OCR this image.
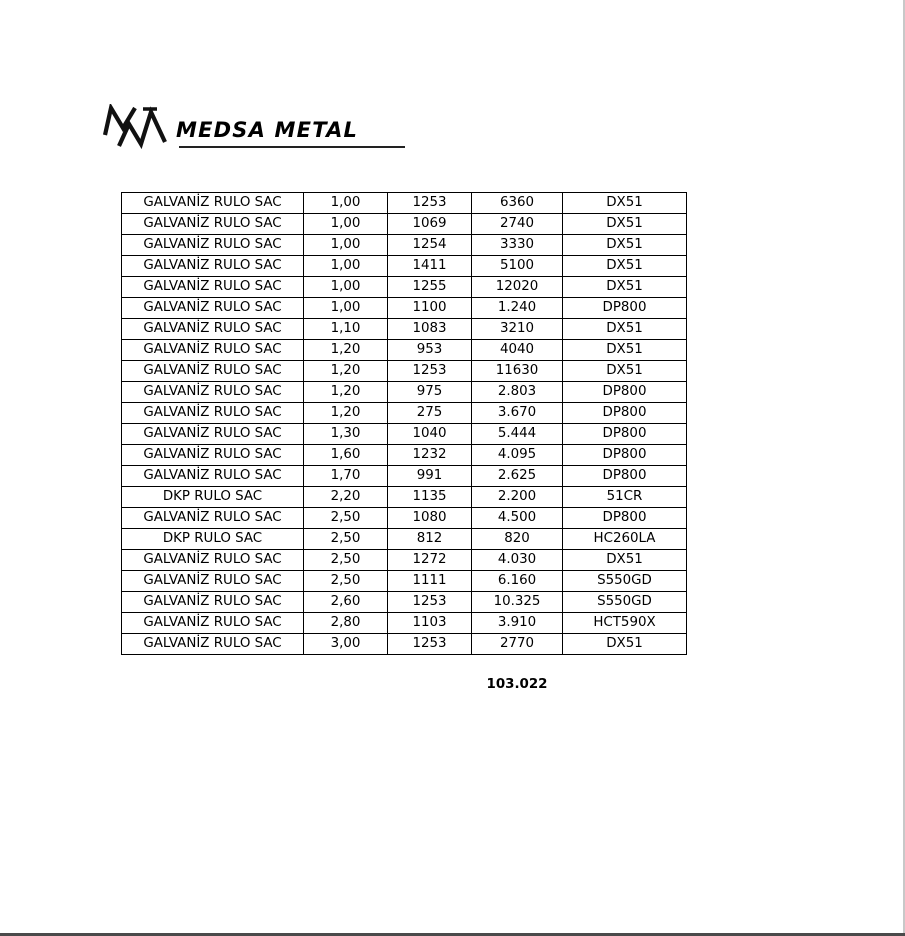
MEDSA METAL
GALVANİZ RULO SAC	1,00	1253	6360	DX51
GALVANİZ RULO SAC	1,00	1069	2740	DX51
GALVANİZ RULO SAC	1,00	1254	3330	DX51
GALVANİZ RULO SAC	1,00	1411	5100	DX51
GALVANİZ RULO SAC	1,00	1255	12020	DX51
GALVANİZ RULO SAC	1,00	1100	1.240	DP800
GALVANİZ RULO SAC	1,10	1083	3210	DX51
GALVANİZ RULO SAC	1,20	953	4040	DX51
GALVANİZ RULO SAC	1,20	1253	11630	DX51
GALVANİZ RULO SAC	1,20	975	2.803	DP800
GALVANİZ RULO SAC	1,20	275	3.670	DP800
GALVANİZ RULO SAC	1,30	1040	5.444	DP800
GALVANİZ RULO SAC	1,60	1232	4.095	DP800
GALVANİZ RULO SAC	1,70	991	2.625	DP800
DKP RULO SAC	2,20	1135	2.200	51CR
GALVANİZ RULO SAC	2,50	1080	4.500	DP800
DKP RULO SAC	2,50	812	820	HC260LA
GALVANİZ RULO SAC	2,50	1272	4.030	DX51
GALVANİZ RULO SAC	2,50	1111	6.160	S550GD
GALVANİZ RULO SAC	2,60	1253	10.325	S550GD
GALVANİZ RULO SAC	2,80	1103	3.910	HCT590X
GALVANİZ RULO SAC	3,00	1253	2770	DX51
103.022
